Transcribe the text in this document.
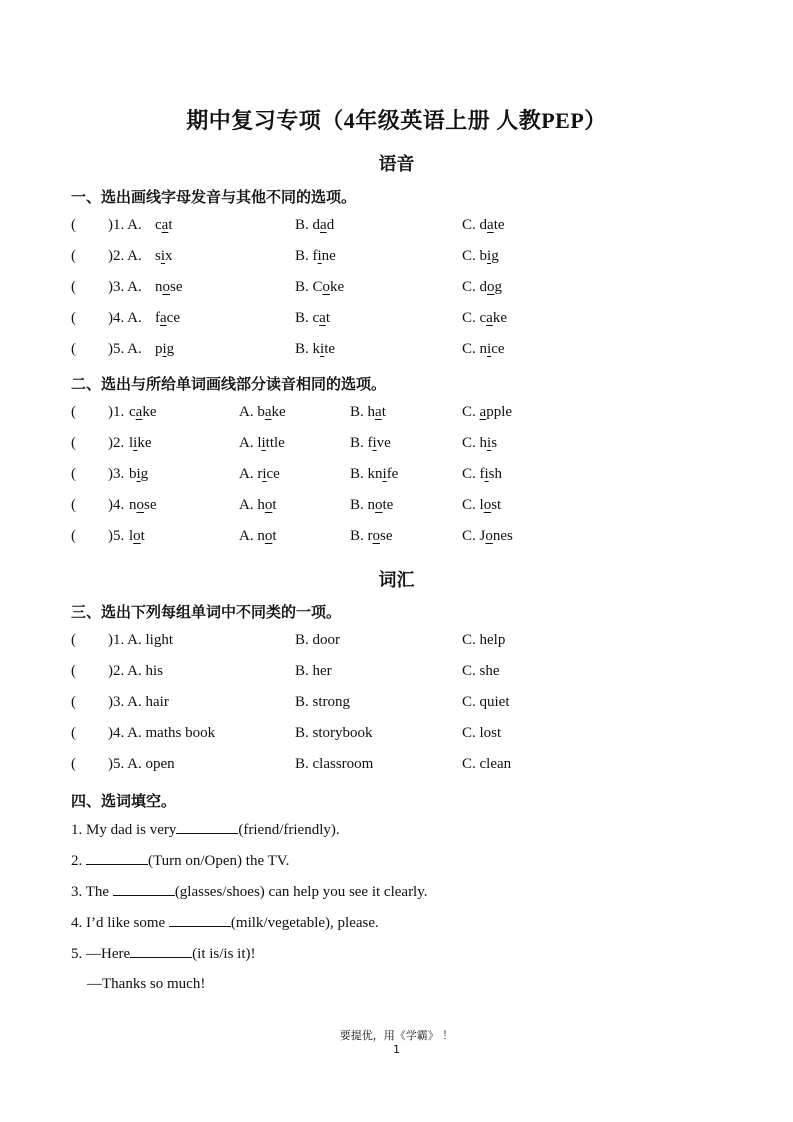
期中复习专项（4年级英语上册 人教PEP）
语音
一、选出画线字母发音与其他不同的选项。
( )1. A. cat	B. dad	C. date
( )2. A. six	B. fine	C. big
( )3. A. nose	B. Coke	C. dog
( )4. A. face	B. cat	C. cake
( )5. A. pig	B. kite	C. nice
二、选出与所给单词画线部分读音相同的选项。
( )1. cake	A. bake	B. hat	C. apple
( )2. like	A. little	B. five	C. his
( )3. big	A. rice	B. knife	C. fish
( )4. nose	A. hot	B. note	C. lost
( )5. lot	A. not	B. rose	C. Jones
词汇
三、选出下列每组单词中不同类的一项。
( )1. A. light	B. door	C. help
( )2. A. his	B. her	C. she
( )3. A. hair	B. strong	C. quiet
( )4. A. maths book	B. storybook	C. lost
( )5. A. open	B. classroom	C. clean
四、选词填空。
1. My dad is very	(friend/friendly).
2.	(Turn on/Open) the TV.
3. The	(glasses/shoes) can help you see it clearly.
4. I’d like some	(milk/vegetable), please.
5. —Here	(it is/is it)!
—Thanks so much!
要提优，用《学霸》 ！
1
